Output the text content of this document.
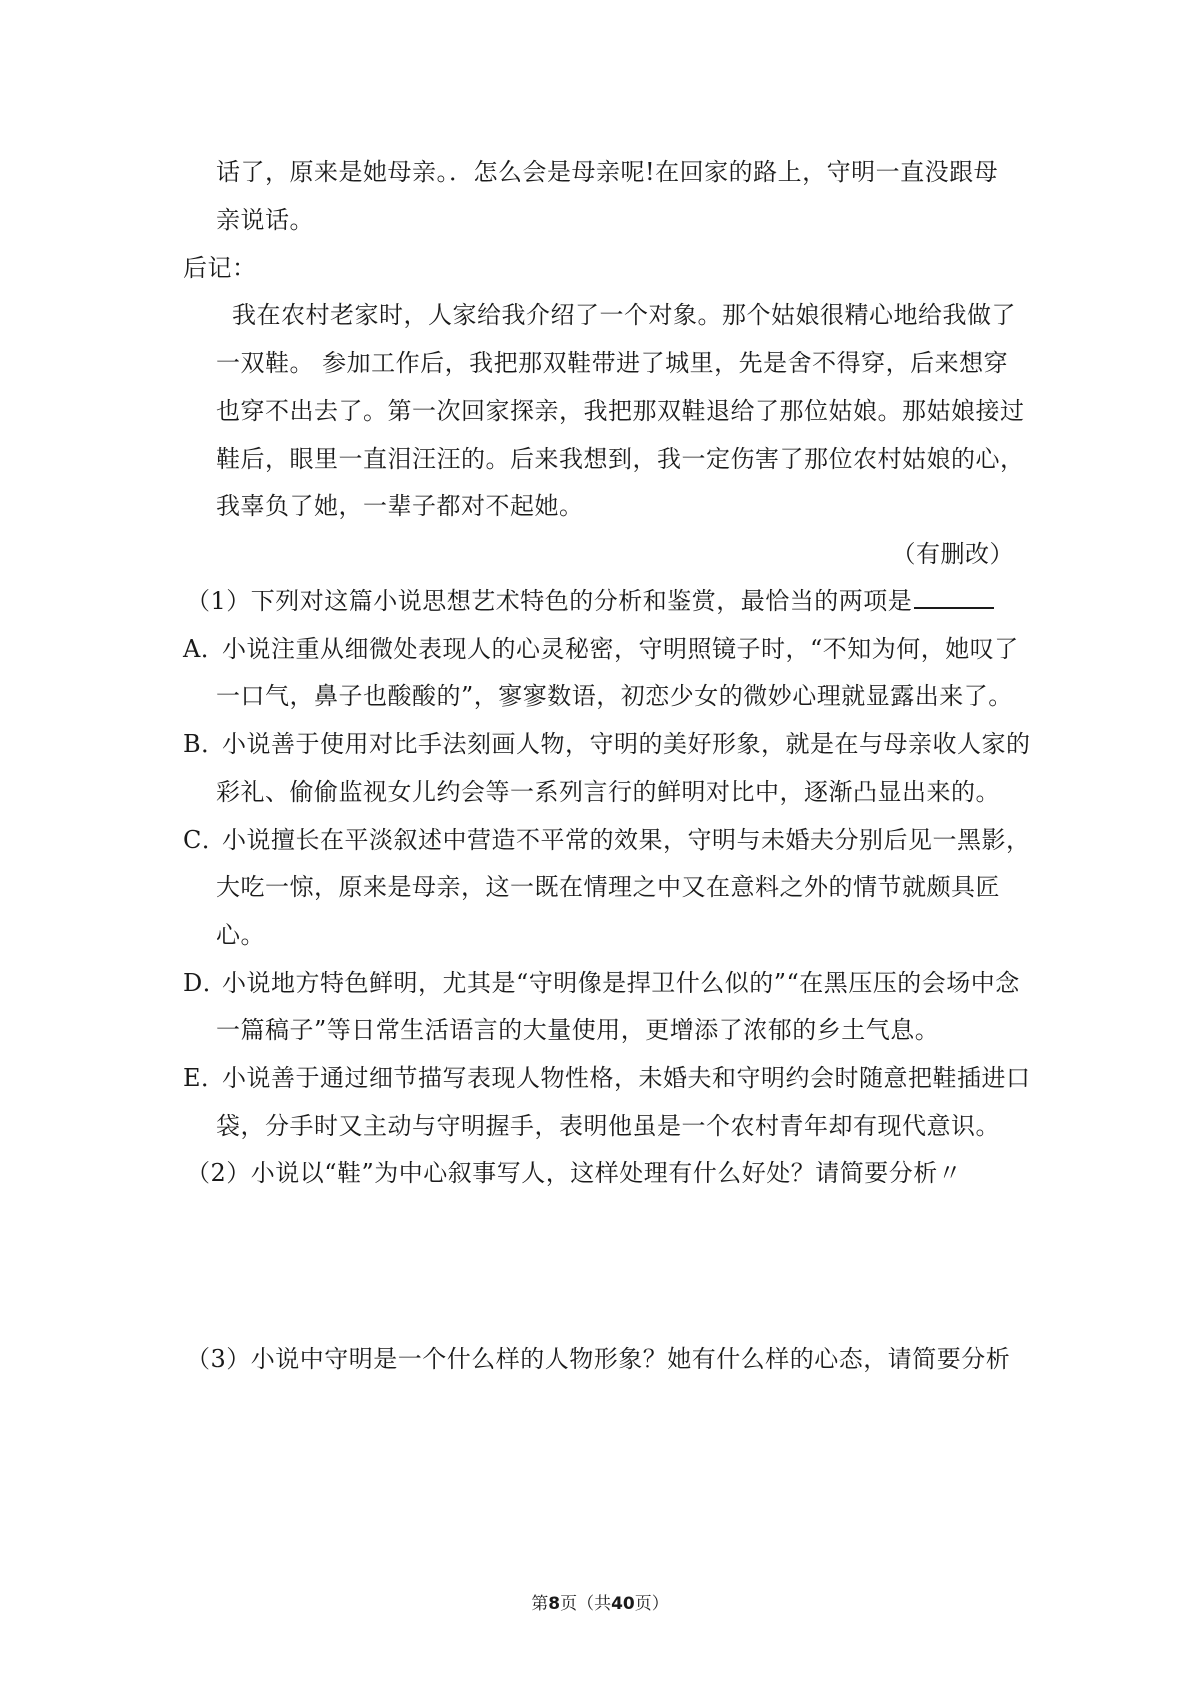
话了，原来是她母亲。．怎么会是母亲呢!在回家的路上，守明一直没跟母
亲说话。
后记：
我在农村老家时，人家给我介绍了一个对象。那个姑娘很精心地给我做了
一双鞋。 参加工作后，我把那双鞋带进了城里，先是舍不得穿，后来想穿
也穿不出去了。第一次回家探亲，我把那双鞋退给了那位姑娘。那姑娘接过
鞋后，眼里一直泪汪汪的。后来我想到，我一定伤害了那位农村姑娘的心，
我辜负了她，一辈子都对不起她。
（有删改）
（1）下列对这篇小说思想艺术特色的分析和鉴赏，最恰当的两项是
A．
小说注重从细微处表现人的心灵秘密，守明照镜子时，“不知为何，她叹了
一口气，鼻子也酸酸的”，寥寥数语，初恋少女的微妙心理就显露出来了。
B．
小说善于使用对比手法刻画人物，守明的美好形象，就是在与母亲收人家的
彩礼、偷偷监视女儿约会等一系列言行的鲜明对比中，逐渐凸显出来的。
C．
小说擅长在平淡叙述中营造不平常的效果，守明与未婚夫分别后见一黑影，
大吃一惊，原来是母亲，这一既在情理之中又在意料之外的情节就颇具匠
心。
D．
小说地方特色鲜明，尤其是“守明像是捍卫什么似的”“在黑压压的会场中念
一篇稿子”等日常生活语言的大量使用，更增添了浓郁的乡土气息。
E．
小说善于通过细节描写表现人物性格，未婚夫和守明约会时随意把鞋插进口
袋，分手时又主动与守明握手，表明他虽是一个农村青年却有现代意识。
（2）小说以“鞋”为中心叙事写人，这样处理有什么好处？请简要分析〃
（3）小说中守明是一个什么样的人物形象？她有什么样的心态，请简要分析
第8页（共40页）
